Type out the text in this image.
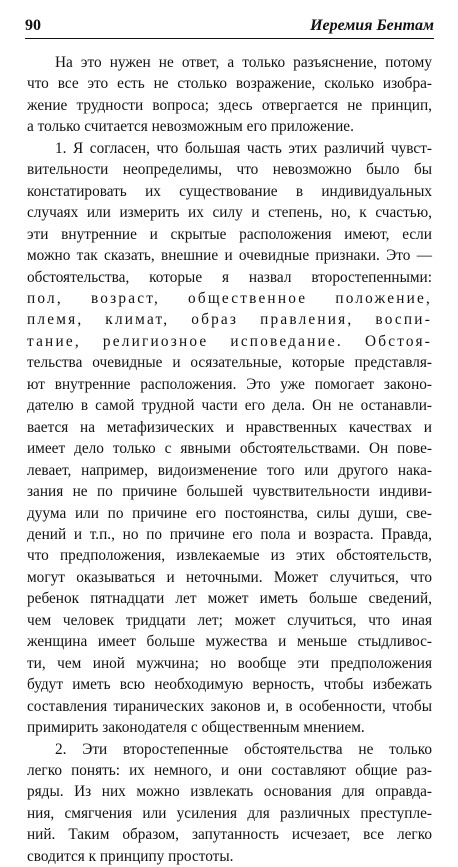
90	Иеремия Бентам
На это нужен не ответ, а только разъяснение, потому
что все это есть не столько возражение, сколько изобра-
жение трудности вопроса; здесь отвергается не принцип,
а только считается невозможным его приложение.
1. Я согласен, что большая часть этих различий чувст-
вительности неопределимы, что невозможно было бы
констатировать их существование в индивидуальных
случаях или измерить их силу и степень, но, к счастью,
эти внутренние и скрытые расположения имеют, если
можно так сказать, внешние и очевидные признаки. Это —
обстоятельства, которые я назвал второстепенными:
пол, возраст, общественное положение,
племя, климат, образ правления, воспи-
тание, религиозное исповедание. Обстоя-
тельства очевидные и осязательные, которые представля-
ют внутренние расположения. Это уже помогает законо-
дателю в самой трудной части его дела. Он не останавли-
вается на метафизических и нравственных качествах и
имеет дело только с явными обстоятельствами. Он пове-
левает, например, видоизменение того или другого нака-
зания не по причине большей чувствительности индиви-
дуума или по причине его постоянства, силы души, све-
дений и т.п., но по причине его пола и возраста. Правда,
что предположения, извлекаемые из этих обстоятельств,
могут оказываться и неточными. Может случиться, что
ребенок пятнадцати лет может иметь больше сведений,
чем человек тридцати лет; может случиться, что иная
женщина имеет больше мужества и меньше стыдливос-
ти, чем иной мужчина; но вообще эти предположения
будут иметь всю необходимую верность, чтобы избежать
составления тиранических законов и, в особенности, чтобы
примирить законодателя с общественным мнением.
2. Эти второстепенные обстоятельства не только
легко понять: их немного, и они составляют общие раз-
ряды. Из них можно извлекать основания для оправда-
ния, смягчения или усиления для различных преступле-
ний. Таким образом, запутанность исчезает, все легко
сводится к принципу простоты.
